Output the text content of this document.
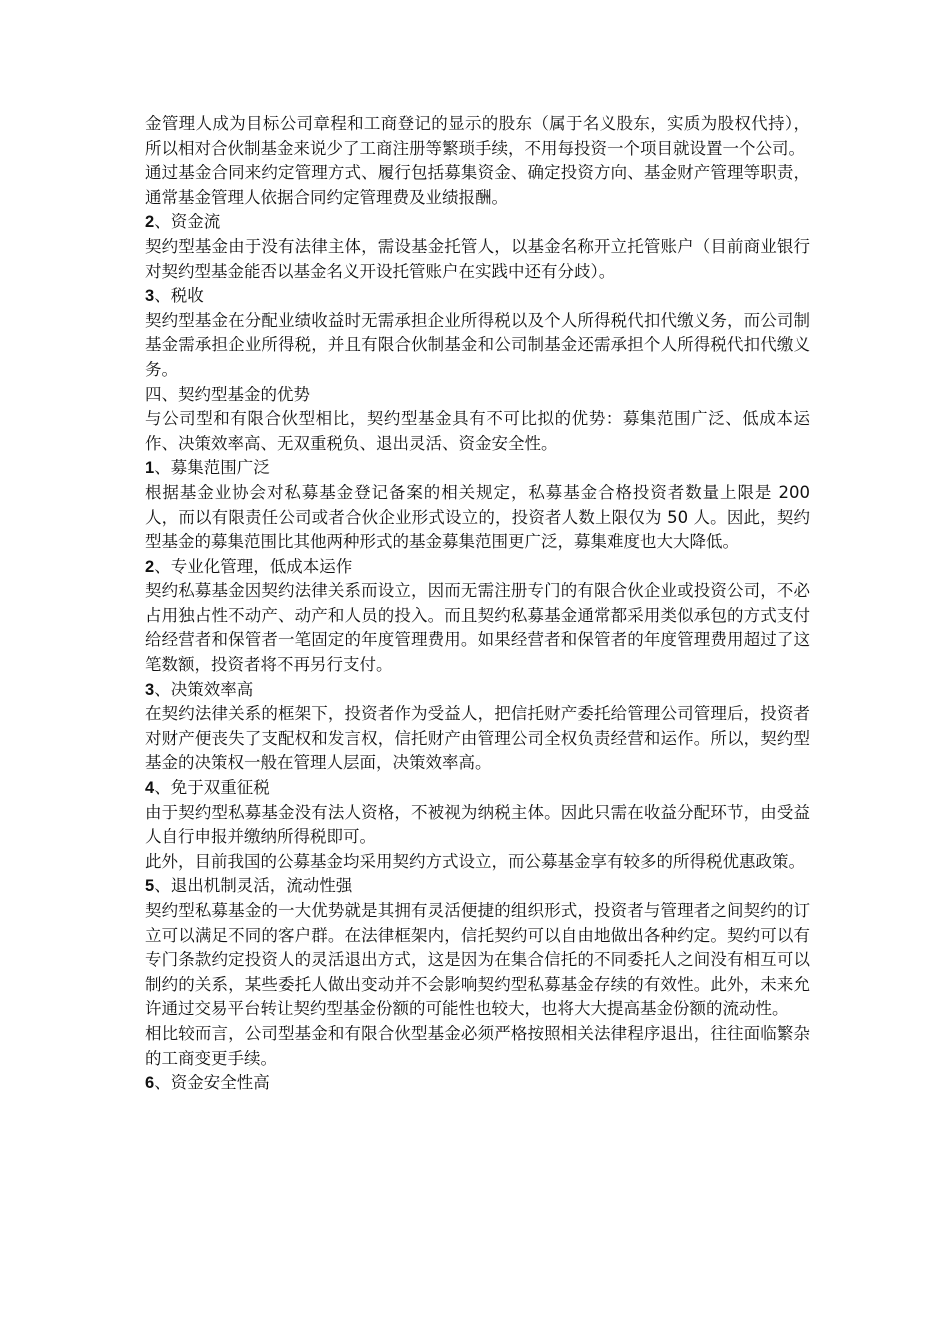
金管理人成为目标公司章程和工商登记的显示的股东（属于名义股东，实质为股权代持），所以相对合伙制基金来说少了工商注册等繁琐手续，不用每投资一个项目就设置一个公司。

通过基金合同来约定管理方式、履行包括募集资金、确定投资方向、基金财产管理等职责，通常基金管理人依据合同约定管理费及业绩报酬。

2、资金流

契约型基金由于没有法律主体，需设基金托管人，以基金名称开立托管账户（目前商业银行对契约型基金能否以基金名义开设托管账户在实践中还有分歧）。

3、税收

契约型基金在分配业绩收益时无需承担企业所得税以及个人所得税代扣代缴义务，而公司制基金需承担企业所得税，并且有限合伙制基金和公司制基金还需承担个人所得税代扣代缴义务。

四、契约型基金的优势

与公司型和有限合伙型相比，契约型基金具有不可比拟的优势：募集范围广泛、低成本运作、决策效率高、无双重税负、退出灵活、资金安全性。

1、募集范围广泛

根据基金业协会对私募基金登记备案的相关规定，私募基金合格投资者数量上限是 200 人，而以有限责任公司或者合伙企业形式设立的，投资者人数上限仅为 50 人。因此，契约型基金的募集范围比其他两种形式的基金募集范围更广泛，募集难度也大大降低。

2、专业化管理，低成本运作

契约私募基金因契约法律关系而设立，因而无需注册专门的有限合伙企业或投资公司，不必占用独占性不动产、动产和人员的投入。而且契约私募基金通常都采用类似承包的方式支付给经营者和保管者一笔固定的年度管理费用。如果经营者和保管者的年度管理费用超过了这笔数额，投资者将不再另行支付。

3、决策效率高

在契约法律关系的框架下，投资者作为受益人，把信托财产委托给管理公司管理后，投资者对财产便丧失了支配权和发言权，信托财产由管理公司全权负责经营和运作。所以，契约型基金的决策权一般在管理人层面，决策效率高。

4、免于双重征税

由于契约型私募基金没有法人资格，不被视为纳税主体。因此只需在收益分配环节，由受益人自行申报并缴纳所得税即可。

此外，目前我国的公募基金均采用契约方式设立，而公募基金享有较多的所得税优惠政策。

5、退出机制灵活，流动性强

契约型私募基金的一大优势就是其拥有灵活便捷的组织形式，投资者与管理者之间契约的订立可以满足不同的客户群。在法律框架内，信托契约可以自由地做出各种约定。契约可以有专门条款约定投资人的灵活退出方式，这是因为在集合信托的不同委托人之间没有相互可以制约的关系，某些委托人做出变动并不会影响契约型私募基金存续的有效性。此外，未来允许通过交易平台转让契约型基金份额的可能性也较大，也将大大提高基金份额的流动性。

相比较而言，公司型基金和有限合伙型基金必须严格按照相关法律程序退出，往往面临繁杂的工商变更手续。

6、资金安全性高
